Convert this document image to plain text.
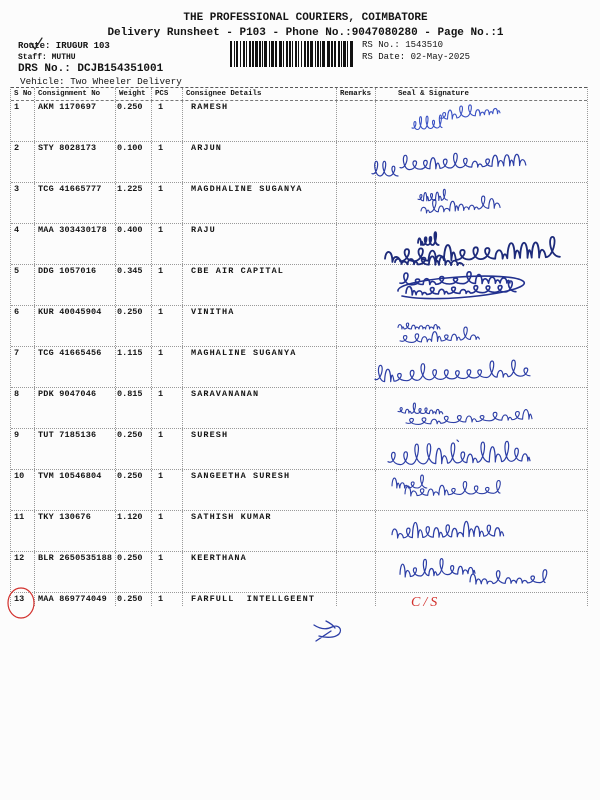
THE PROFESSIONAL COURIERS, COIMBATORE
Delivery Runsheet - P103 - Phone No.:9047080280 - Page No.:1
Route: IRUGUR 103
Staff: MUTHU
DRS No.: DCJB154351001
Vehicle: Two Wheeler Delivery
RS No.: 1543510
RS Date: 02-May-2025
S No Consignment No	Weight	PCS	Consignee Details	Remarks	Seal & Signature
1	AKM 1170697	0.250	1	RAMESH
2	STY 8028173	0.100	1	ARJUN
3	TCG 41665777	1.225	1	MAGDHALINE SUGANYA
4	MAA 303430178	0.400	1	RAJU
5	DDG 1057016	0.345	1	CBE AIR CAPITAL
6	KUR 40045904	0.250	1	VINITHA
7	TCG 41665456	1.115	1	MAGHALINE SUGANYA
8	PDK 9047046	0.815	1	SARAVANANAN
9	TUT 7185136	0.250	1	SURESH
10	TVM 10546804	0.250	1	SANGEETHA SURESH
11	TKY 130676	1.120	1	SATHISH KUMAR
12	BLR 2650535188 0.250	1	KEERTHANA
13	MAA 869774049	0.250	1	FARFULL  INTELLGEENT	C/S
